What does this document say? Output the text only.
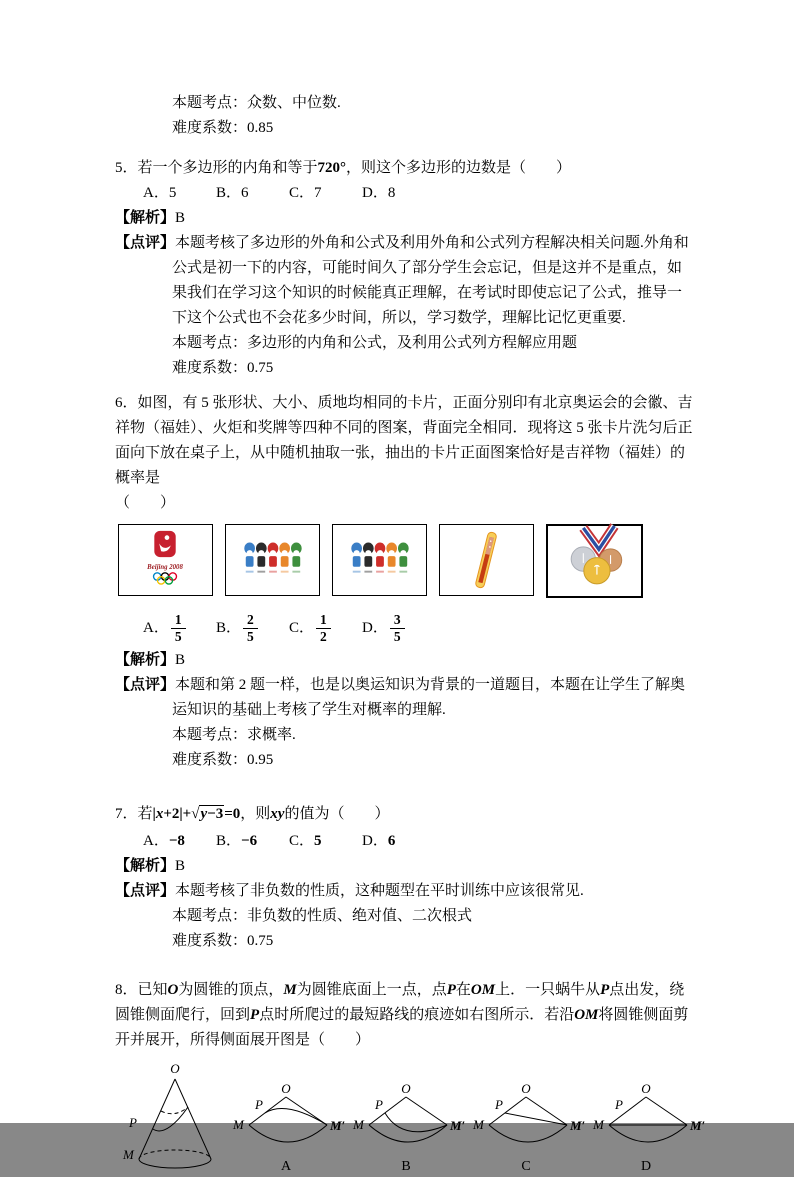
本题考点：众数、中位数.
难度系数：0.85
5．若一个多边形的内角和等于720°，则这个多边形的边数是（　　）
A．5	B．6	C．7	D．8
【解析】B
【点评】本题考核了多边形的外角和公式及利用外角和公式列方程解决相关问题.外角和公式是初一下的内容，可能时间久了部分学生会忘记，但是这并不是重点，如果我们在学习这个知识的时候能真正理解，在考试时即使忘记了公式，推导一下这个公式也不会花多少时间，所以，学习数学，理解比记忆更重要.
本题考点：多边形的内角和公式，及利用公式列方程解应用题
难度系数：0.75
6．如图，有 5 张形状、大小、质地均相同的卡片，正面分别印有北京奥运会的会徽、吉祥物（福娃）、火炬和奖牌等四种不同的图案，背面完全相同．现将这 5 张卡片洗匀后正面向下放在桌子上，从中随机抽取一张，抽出的卡片正面图案恰好是吉祥物（福娃）的概率是
（　　）
Beijing 2008
A． $\frac{1}{5}$ B． $\frac{2}{5}$ C． $\frac{1}{2}$ D． $\frac{3}{5}$
【解析】B
【点评】本题和第 2 题一样，也是以奥运知识为背景的一道题目，本题在让学生了解奥运知识的基础上考核了学生对概率的理解.
本题考点：求概率.
难度系数：0.95
7．若|x+2|+√y−3=0，则xy的值为（　　）
A．−8	B．−6	C．5	D．6
【解析】B
【点评】本题考核了非负数的性质，这种题型在平时训练中应该很常见.
本题考点：非负数的性质、绝对值、二次根式
难度系数：0.75
8．已知O为圆锥的顶点，M为圆锥底面上一点，点P在OM上．一只蜗牛从P点出发，绕圆锥侧面爬行，回到P点时所爬过的最短路线的痕迹如右图所示．若沿OM将圆锥侧面剪开并展开，所得侧面展开图是（　　）
O
P
M
O
P
M	M′
A
O
P
M	M′
B
O
P
M	M′
C
O
P
M	M′
D
